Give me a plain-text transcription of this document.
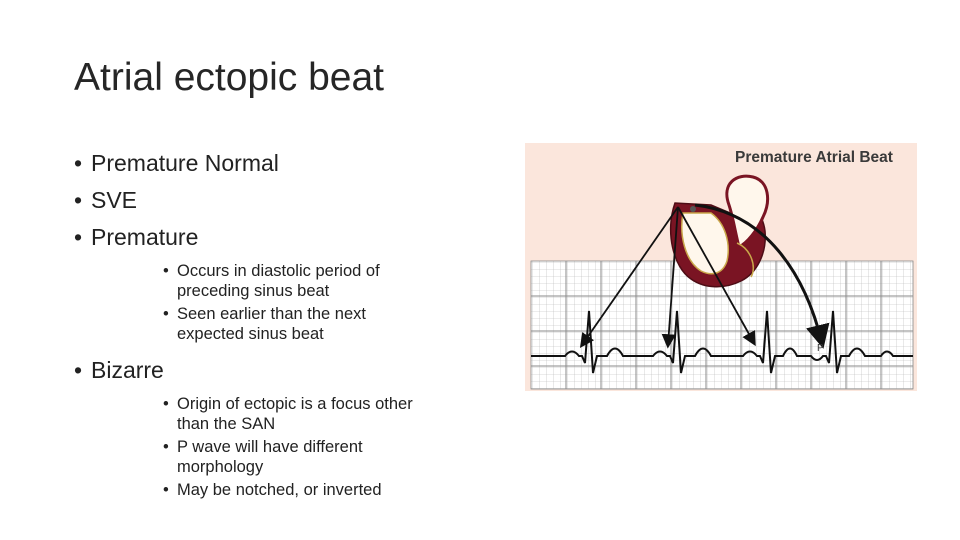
Atrial ectopic beat
• Premature Normal
• SVE
• Premature
• Occurs in diastolic period of preceding sinus beat
• Seen earlier than the next expected sinus beat
• Bizarre
• Origin of ectopic is a focus other than the SAN
• P wave will have different morphology
• May be notched, or inverted
Premature Atrial Beat
P
